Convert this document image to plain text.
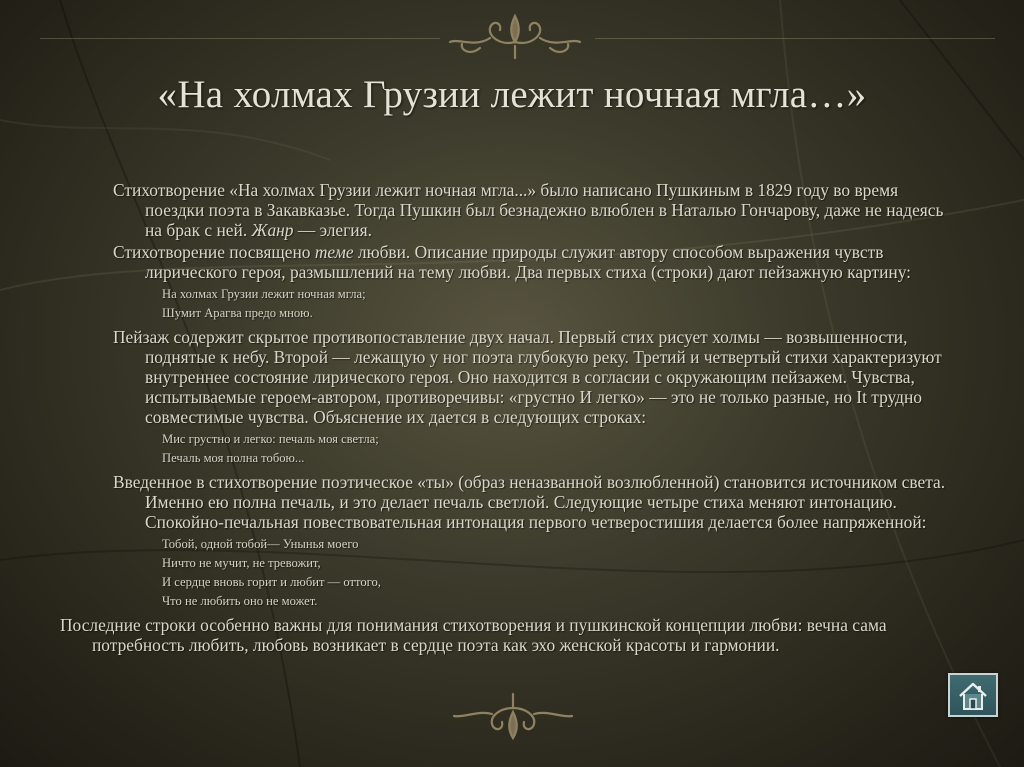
«На холмах Грузии лежит ночная мгла…»
Стихотворение «На холмах Грузии лежит ночная мгла...» было написано Пушкиным в 1829 году во время поездки поэта в Закавказье. Тогда Пушкин был безнадежно влюблен в Наталью Гончарову, даже не надеясь на брак с ней. Жанр — элегия.
Стихотворение посвящено теме любви. Описание природы служит автору способом выражения чувств лирического героя, размышлений на тему любви. Два первых стиха (строки) дают пейзажную картину:
На холмах Грузии лежит ночная мгла;
Шумит Арагва предо мною.
Пейзаж содержит скрытое противопоставление двух начал. Первый стих рисует холмы — возвышенности, поднятые к небу. Второй — лежащую у ног поэта глубокую реку. Третий и четвертый стихи характеризуют внутреннее состояние лирического героя. Оно находится в согласии с окружающим пейзажем. Чувства, испытываемые героем-автором, противоречивы: «грустно И легко» — это не только разные, но It трудно совместимые чувства. Объяснение их дается в следующих строках:
Мис грустно и легко: печаль моя светла;
Печаль моя полна тобою...
Введенное в стихотворение поэтическое «ты» (образ неназванной возлюбленной) становится источником света. Именно ею полна печаль, и это делает печаль светлой. Следующие четыре стиха меняют интонацию. Спокойно-печальная повествовательная интонация первого четверостишия делается более напряженной:
Тобой, одной тобой— Унынья моего
Ничто не мучит, не тревожит,
И сердце вновь горит и любит — оттого,
Что не любить оно не может.
Последние строки особенно важны для понимания стихотворения и пушкинской концепции любви: вечна сама потребность любить, любовь возникает в сердце поэта как эхо женской красоты и гармонии.
